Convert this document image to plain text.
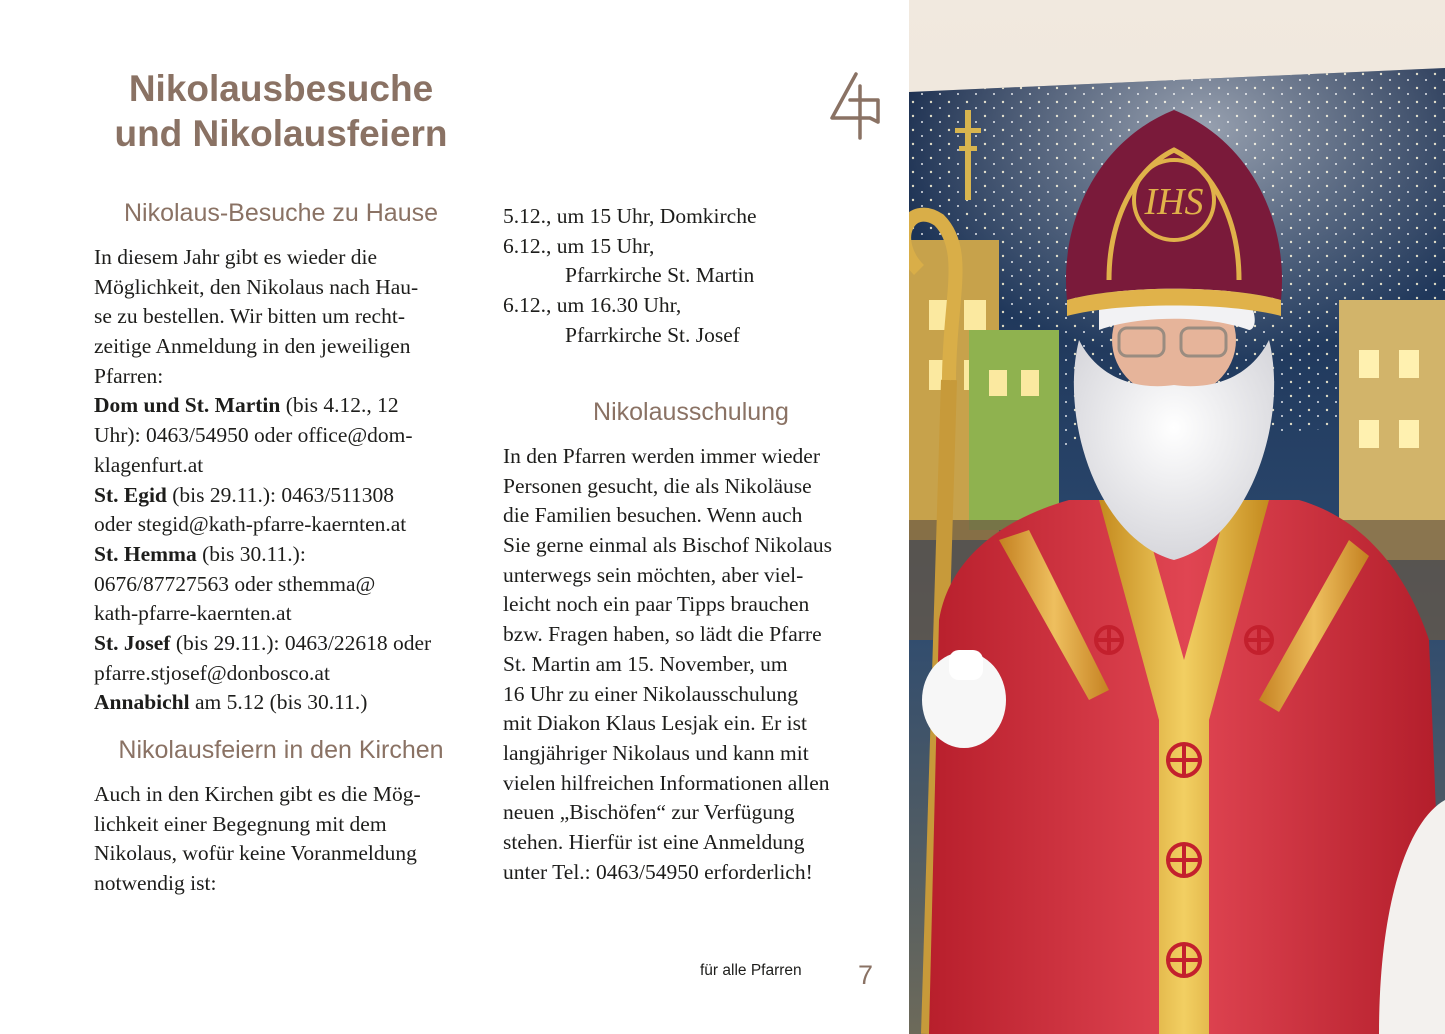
Nikolausbesuche
und Nikolausfeiern
Nikolaus-Besuche zu Hause
In diesem Jahr gibt es wieder die
Möglichkeit, den Nikolaus nach Hau-
se zu bestellen. Wir bitten um recht-
zeitige Anmeldung in den jeweiligen
Pfarren:
Dom und St. Martin (bis 4.12., 12
Uhr): 0463/54950 oder office@dom-
klagenfurt.at
St. Egid (bis 29.11.): 0463/511308
oder stegid@kath-pfarre-kaernten.at
St. Hemma (bis 30.11.):
0676/87727563 oder sthemma@
kath-pfarre-kaernten.at
St. Josef (bis 29.11.): 0463/22618 oder
pfarre.stjosef@donbosco.at
Annabichl am 5.12 (bis 30.11.)
Nikolausfeiern in den Kirchen
Auch in den Kirchen gibt es die Mög-
lichkeit einer Begegnung mit dem
Nikolaus, wofür keine Voranmeldung
notwendig ist:
5.12., um 15 Uhr, Domkirche
6.12., um 15 Uhr,
Pfarrkirche St. Martin
6.12., um 16.30 Uhr,
Pfarrkirche St. Josef
Nikolausschulung
In den Pfarren werden immer wieder
Personen gesucht, die als Nikoläuse
die Familien besuchen. Wenn auch
Sie gerne einmal als Bischof Nikolaus
unterwegs sein möchten, aber viel-
leicht noch ein paar Tipps brauchen
bzw. Fragen haben, so lädt die Pfarre
St. Martin am 15. November, um
16 Uhr zu einer Nikolausschulung
mit Diakon Klaus Lesjak ein. Er ist
langjähriger Nikolaus und kann mit
vielen hilfreichen Informationen allen
neuen „Bischöfen“ zur Verfügung
stehen. Hierfür ist eine Anmeldung
unter Tel.: 0463/54950 erforderlich!
für alle Pfarren 7
IHS
